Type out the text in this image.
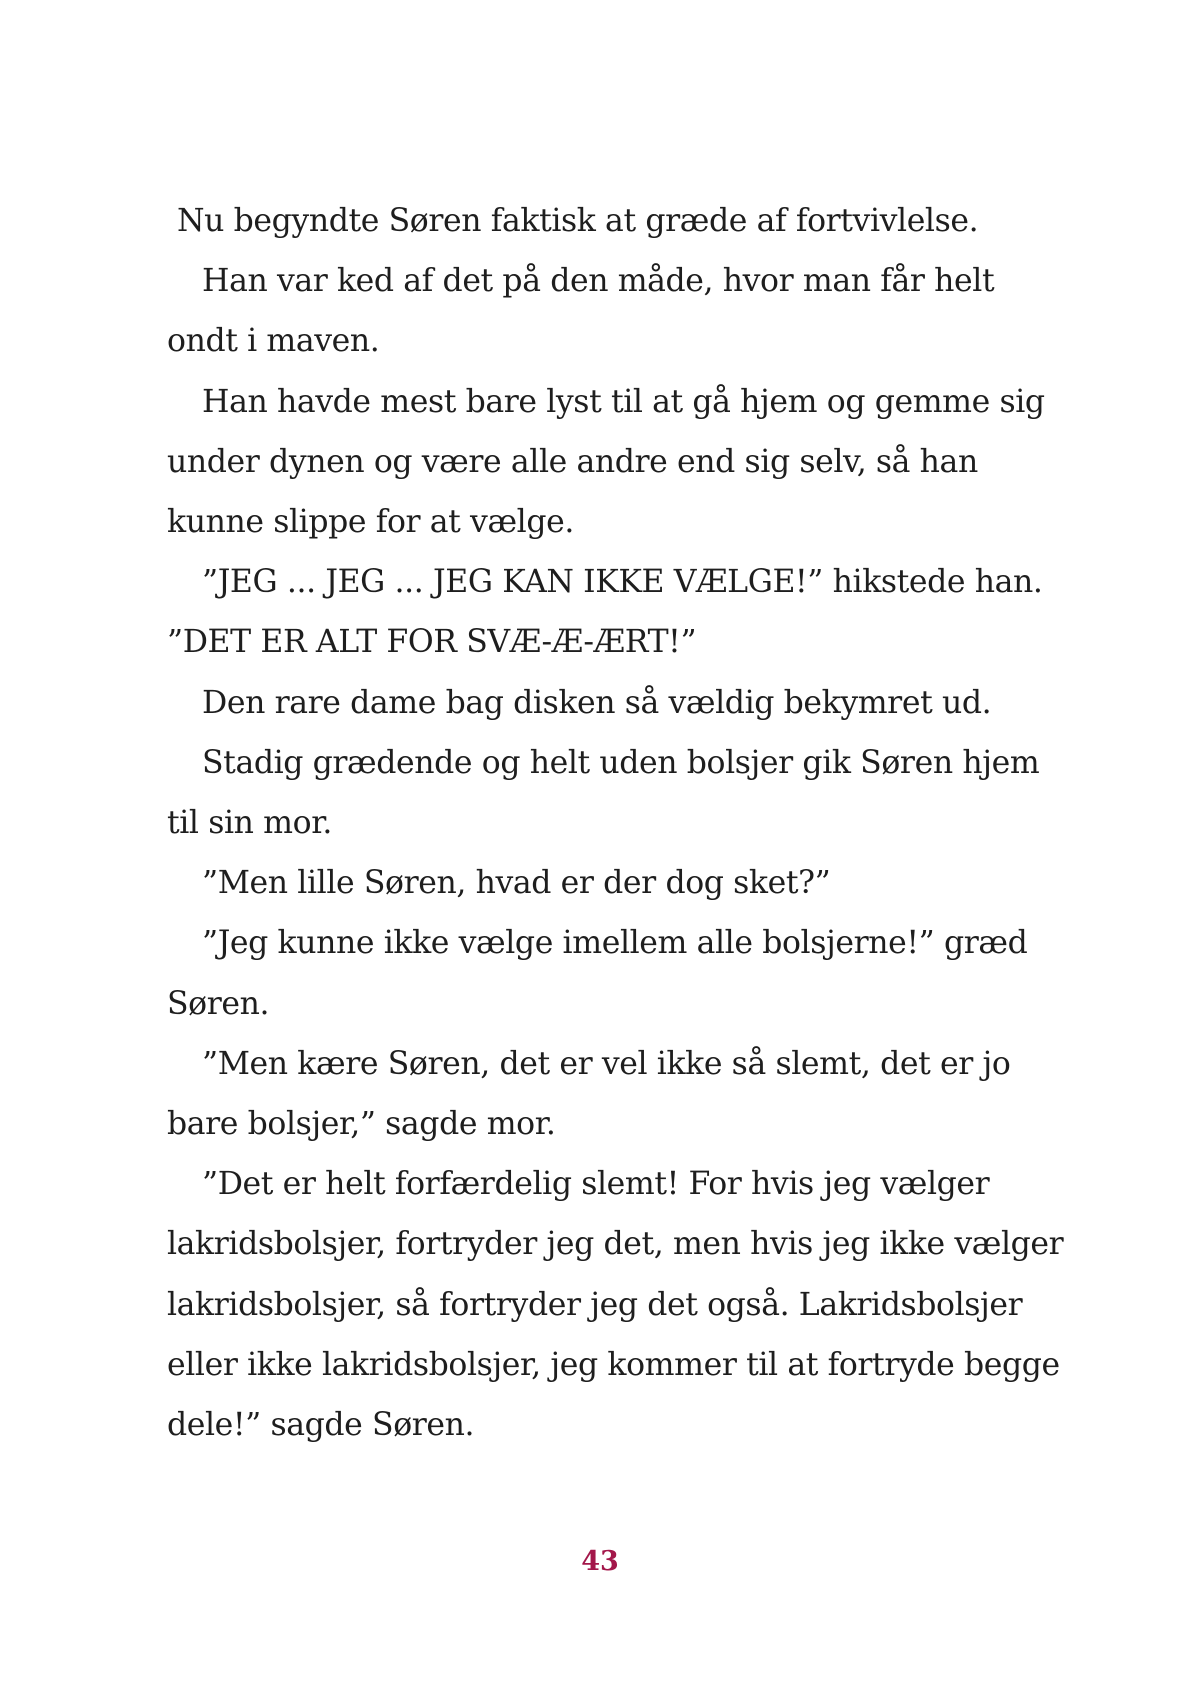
Nu begyndte Søren faktisk at græde af fortvivlelse.

Han var ked af det på den måde, hvor man får helt ondt i maven.

Han havde mest bare lyst til at gå hjem og gemme sig under dynen og være alle andre end sig selv, så han kunne slippe for at vælge.

”JEG ... JEG ... JEG KAN IKKE VÆLGE!” hikstede han.

”DET ER ALT FOR SVÆ-Æ-ÆRT!”

Den rare dame bag disken så vældig bekymret ud.

Stadig grædende og helt uden bolsjer gik Søren hjem til sin mor.

”Men lille Søren, hvad er der dog sket?”

”Jeg kunne ikke vælge imellem alle bolsjerne!” græd Søren.

”Men kære Søren, det er vel ikke så slemt, det er jo bare bolsjer,” sagde mor.

”Det er helt forfærdelig slemt! For hvis jeg vælger lakridsbolsjer, fortryder jeg det, men hvis jeg ikke vælger lakridsbolsjer, så fortryder jeg det også. Lakridsbolsjer eller ikke lakridsbolsjer, jeg kommer til at fortryde begge dele!” sagde Søren.

43
